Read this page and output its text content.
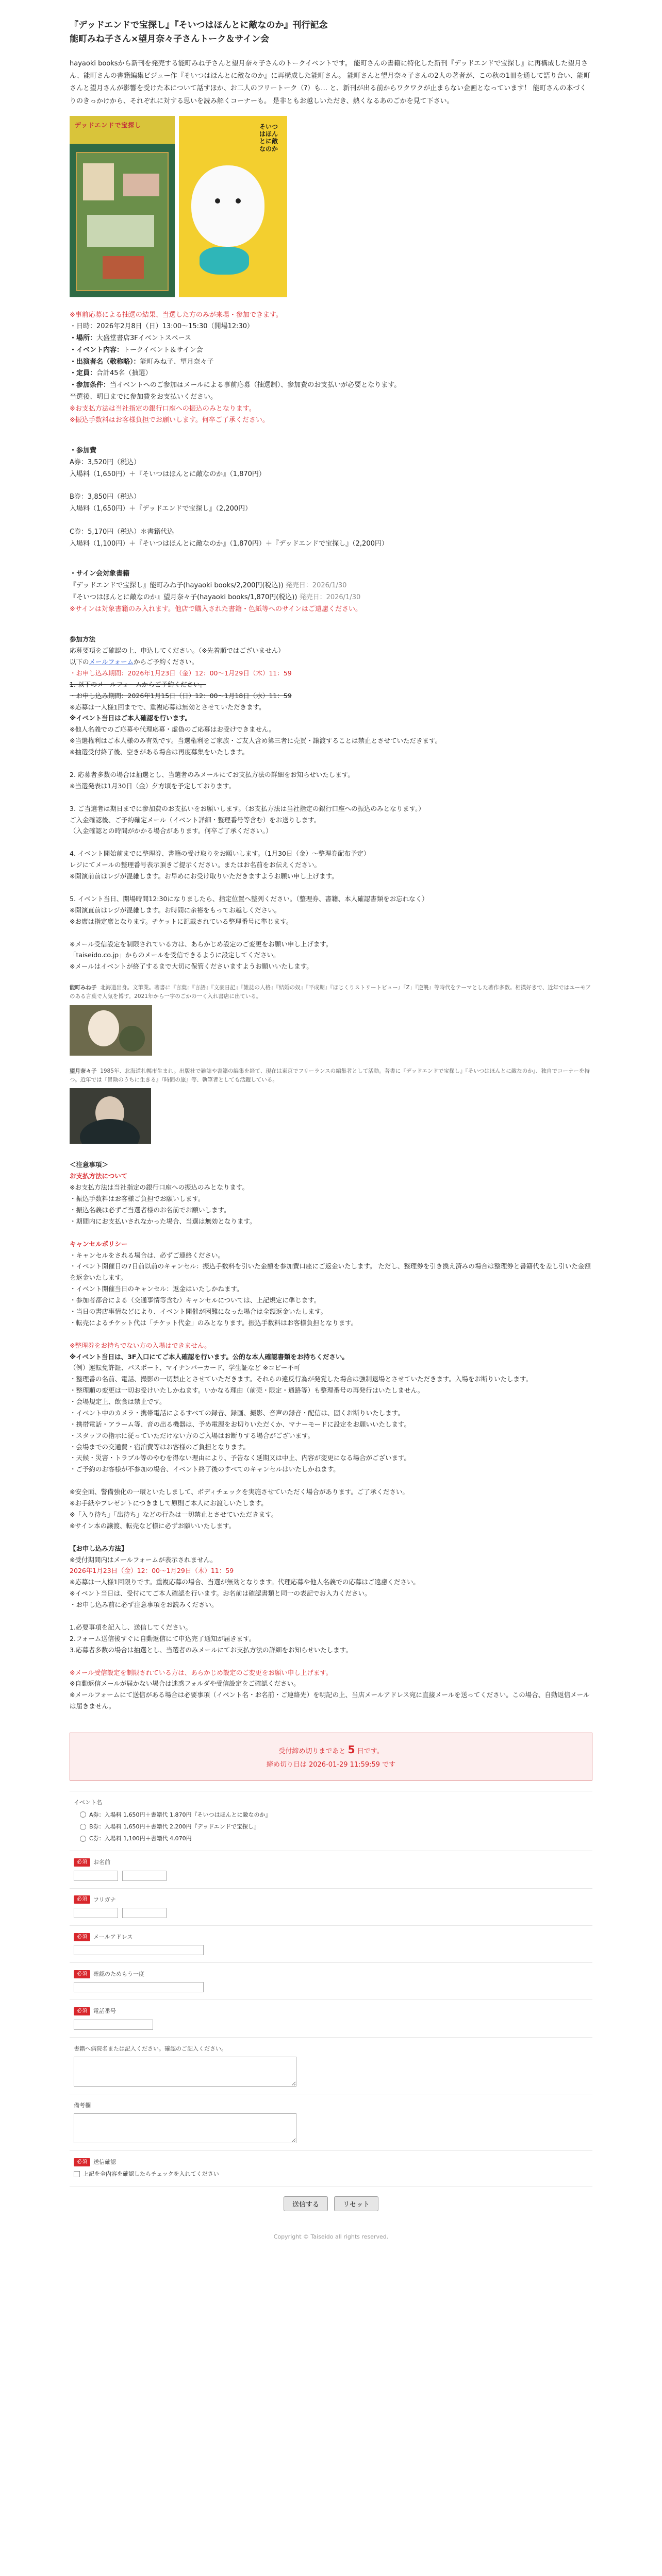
『デッドエンドで宝探し』『そいつはほんとに敵なのか』刊行記念
能町みね子さん×望月奈々子さんトーク＆サイン会

hayaoki booksから新刊を発売する能町みね子さんと望月奈々子さんのトークイベントです。 能町さんの書籍に特化した新刊『デッドエンドで宝探し』に再構成した望月さん、能町さんの書籍編集ビジュー作『そいつはほんとに敵なのか』に再構成した能町さん。 能町さんと望月奈々子さんの2人の著者が、この秋の1冊を通して語り合い、能町さんと望月さんが影響を受けた本について話すほか、お二人のフリートーク（?）も… と、新刊が出る前からワクワクが止まらない企画となっています！ 能町さんの本づくりのきっかけから、それぞれに対する思いを読み解くコーナーも。 是非ともお越しいただき、熱くなるあのごかを見て下さい。

デッドエンドで宝探し	そいつはほんとに敵なのか

※事前応募による抽選の結果、当選した方のみが来場・参加できます。

・日時：2026年2月8日（日）13:00〜15:30（開場12:30）

・場所：大盛堂書店3Fイベントスペース

・イベント内容：トークイベント＆サイン会

・出演者名（敬称略）：能町みね子、望月奈々子

・定員：合計45名（抽選）

・参加条件：当イベントへのご参加はメールによる事前応募（抽選制）、参加費のお支払いが必要となります。

当選後、明日までに参加費をお支払いください。

※お支払方法は当社指定の銀行口座への振込のみとなります。

※振込手数料はお客様負担でお願いします。何卒ご了承ください。

・参加費

A券：3,520円（税込）

入場料（1,650円）＋『そいつはほんとに敵なのか』（1,870円）

B券：3,850円（税込）

入場料（1,650円）＋『デッドエンドで宝探し』（2,200円）

C券：5,170円（税込）＊書籍代込

入場料（1,100円）＋『そいつはほんとに敵なのか』（1,870円）＋『デッドエンドで宝探し』（2,200円）

・サイン会対象書籍

『デッドエンドで宝探し』能町みね子(hayaoki books/2,200円(税込)) 発売日：2026/1/30

『そいつはほんとに敵なのか』望月奈々子(hayaoki books/1,870円(税込)) 発売日：2026/1/30

※サインは対象書籍のみ入れます。他店で購入された書籍・色紙等へのサインはご遠慮ください。

参加方法

応募要項をご確認の上、申込してください。（※先着順ではございません）

以下のメールフォームからご予約ください。

・お申し込み期間：2026年1月23日（金）12：00〜1月29日（木）11：59

1. 以下のメールフォームからご予約ください。

・お申し込み期間：2026年1月15日（日）12：00〜1月18日（水）11：59

※応募は一人様1回までで、重複応募は無効とさせていただきます。

※イベント当日はご本人確認を行います。

※他人名義でのご応募や代理応募・虚偽のご応募はお受けできません。

※当選権利はご本人様のみ有効です。当選権利をご家族・ご友人含め第三者に売買・譲渡することは禁止とさせていただきます。

※抽選受付終了後、空きがある場合は再度募集をいたします。

2. 応募者多数の場合は抽選とし、当選者のみメールにてお支払方法の詳細をお知らせいたします。

※当選発表は1月30日（金）夕方頃を予定しております。

3. ご当選者は期日までに参加費のお支払いをお願いします。（お支払方法は当社指定の銀行口座への振込のみとなります。）

ご入金確認後、ご予約確定メール（イベント詳細・整理番号等含む）をお送りします。

（入金確認との時間がかかる場合があります。何卒ご了承ください。）

4. イベント開始前までに整理券、書籍の受け取りをお願いします。（1月30日（金）〜整理券配布予定）

レジにてメールの整理番号表示頂きご提示ください。またはお名前をお伝えください。

※開演前前はレジが混雑します。お早めにお受け取りいただきますようお願い申し上げます。

5. イベント当日、開場時間12:30になりましたら、指定位置へ整列ください。（整理券、書籍、本人確認書類をお忘れなく）

※開演直前はレジが混雑します。お時間に余裕をもってお越しください。

※お席は指定席となります。チケットに記載されている整理番号に準じます。

※メール受信設定を制限されている方は、あらかじめ設定のご変更をお願い申し上げます。

「taiseido.co.jp」からのメールを受信できるように設定してください。

※メールはイベントが終了するまで大切に保管くださいますようお願いいたします。

能町みね子 北海道出身。文筆業。著書に『言葉』『言語』『文豪日記』『雑誌の人格』『結婚の奴』『平成期』『ほじくりストリートビュー』「Z」『逆襲』等時代をテーマとした著作多数。相撲好きで、近年ではユーモアのある言葉で人気を博す。2021年から一字のごかの一く入れ書店に出ている。

望月奈々子 1985年、北海道札幌市生まれ。出版社で雑誌や書籍の編集を経て、現在は東京でフリーランスの編集者として活動。著書に『デッドエンドで宝探し』『そいつはほんとに敵なのか』、独自でコーナーを持つ。近年では『冒険のうちに生きる』『時間の旅』等、執筆者としても活躍している。

＜注意事項＞

お支払方法について

※お支払方法は当社指定の銀行口座への振込のみとなります。

・振込手数料はお客様ご負担でお願いします。

・振込名義は必ずご当選者様のお名前でお願いします。

・期間内にお支払いされなかった場合、当選は無効となります。

キャンセルポリシー

・キャンセルをされる場合は、必ずご連絡ください。

・イベント開催日の7日前以前のキャンセル：振込手数料を引いた金額を参加費口座にご返金いたします。 ただし、整理券を引き換え済みの場合は整理券と書籍代を差し引いた金額を返金いたします。

・イベント開催当日のキャンセル：返金はいたしかねます。

・参加者都合による（交通事情等含む）キャンセルについては、上記規定に準じます。

・当日の書店事情などにより、イベント開催が困難になった場合は全額返金いたします。

・転売によるチケット代は「チケット代金」のみとなります。振込手数料はお客様負担となります。

※整理券をお持ちでない方の入場はできません。

※イベント当日は、3F入口にてご本人確認を行います。公的な本人確認書類をお持ちください。

（例）運転免許証、パスポート、マイナンバーカード、学生証など ※コピー不可

・整理番の名前、電話、撮影の一切禁止とさせていただきます。それらの違反行為が発覚した場合は強制退場とさせていただきます。入場をお断りいたします。

・整理順の変更は一切お受けいたしかねます。いかなる理由（前売・限定・通路等）も整理番号の再発行はいたしません。

・会場規定上、飲食は禁止です。

・イベント中のカメラ・携帯電話によるすべての録音、録画、撮影、音声の録音・配信は、固くお断りいたします。

・携帯電話・アラーム等、音の出る機器は、予め電源をお切りいただくか、マナーモードに設定をお願いいたします。

・スタッフの指示に従っていただけない方のご入場はお断りする場合がございます。

・会場までの交通費・宿泊費等はお客様のご負担となります。

・天候・災害・トラブル等のやむを得ない理由により、予告なく延期又は中止、内容が変更になる場合がございます。

・ご予約のお客様が不参加の場合、イベント終了後のすべてのキャンセルはいたしかねます。

※安全面、警備強化の一環といたしまして、ボディチェックを実施させていただく場合があります。ご了承ください。

※お手紙やプレゼントにつきまして原則ご本人にお渡しいたします。

※「入り待ち」「出待ち」などの行為は一切禁止とさせていただきます。

※サイン本の譲渡、転売など様に必ずお願いいたします。

【お申し込み方法】

※受付期間内はメールフォームが表示されません。

2026年1月23日（金）12：00〜1月29日（木）11：59

※応募は一人様1回限りです。重複応募の場合、当選が無効となります。代理応募や他人名義での応募はご遠慮ください。

※イベント当日は、受付にてご本人確認を行います。お名前は確認書類と同一の表記でお入力ください。

・お申し込み前に必ず注意事項をお読みください。

1.必要事項を記入し、送信してください。

2.フォーム送信後すぐに自動返信にて申込完了通知が届きます。

3.応募者多数の場合は抽選とし、当選者のみメールにてお支払方法の詳細をお知らせいたします。

※メール受信設定を制限されている方は、あらかじめ設定のご変更をお願い申し上げます。

※自動返信メールが届かない場合は迷惑フォルダや受信設定をご確認ください。

※メールフォームにて送信がある場合は必要事項（イベント名・お名前・ご連絡先）を明記の上、当店メールアドレス宛に直接メールを送ってください。この場合、自動返信メールは届きません。

受付締め切りまであと 5 日です。
締め切り日は 2026-01-29 11:59:59 です
イベント名
A券：入場料 1,650円＋書籍代 1,870円『そいつはほんとに敵なのか』
B券：入場料 1,650円＋書籍代 2,200円『デッドエンドで宝探し』
C券：入場料 1,100円＋書籍代 4,070円
必須	お名前
必須	フリガナ
必須	メールアドレス
必須	確認のためもう一度
必須	電話番号
書籍へ病院名または記入ください。確認のご記入ください。
備考欄
必須	送信確認
上記を全内容を確認したらチェックを入れてください
送信する	リセット
Copyright © Taiseido all rights reserved.
